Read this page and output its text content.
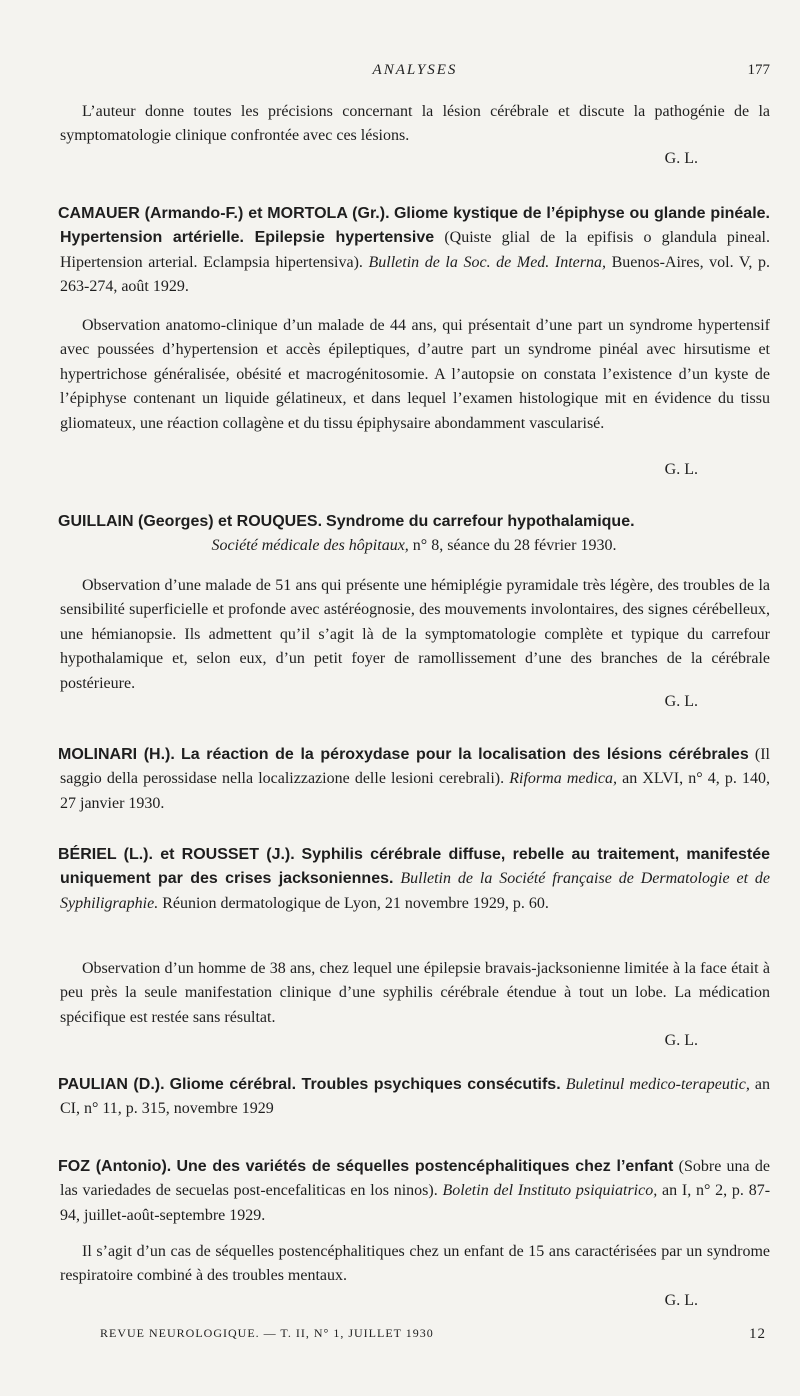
ANALYSES	177
L’auteur donne toutes les précisions concernant la lésion cérébrale et discute la pathogénie de la symptomatologie clinique confrontée avec ces lésions.
G. L.
CAMAUER (Armando-F.) et MORTOLA (Gr.). Gliome kystique de l’épiphyse ou glande pinéale. Hypertension artérielle. Epilepsie hypertensive (Quiste glial de la epifisis o glandula pineal. Hipertension arterial. Eclampsia hipertensiva). Bulletin de la Soc. de Med. Interna, Buenos-Aires, vol. V, p. 263-274, août 1929.
Observation anatomo-clinique d’un malade de 44 ans, qui présentait d’une part un syndrome hypertensif avec poussées d’hypertension et accès épileptiques, d’autre part un syndrome pinéal avec hirsutisme et hypertrichose généralisée, obésité et macrogénitosomie. A l’autopsie on constata l’existence d’un kyste de l’épiphyse contenant un liquide gélatineux, et dans lequel l’examen histologique mit en évidence du tissu gliomateux, une réaction collagène et du tissu épiphysaire abondamment vascularisé.
G. L.
GUILLAIN (Georges) et ROUQUES. Syndrome du carrefour hypothalamique.
Société médicale des hôpitaux, n° 8, séance du 28 février 1930.
Observation d’une malade de 51 ans qui présente une hémiplégie pyramidale très légère, des troubles de la sensibilité superficielle et profonde avec astéréognosie, des mouvements involontaires, des signes cérébelleux, une hémianopsie. Ils admettent qu’il s’agit là de la symptomatologie complète et typique du carrefour hypothalamique et, selon eux, d’un petit foyer de ramollissement d’une des branches de la cérébrale postérieure.
G. L.
MOLINARI (H.). La réaction de la péroxydase pour la localisation des lésions cérébrales (Il saggio della perossidase nella localizzazione delle lesioni cerebrali). Riforma medica, an XLVI, n° 4, p. 140, 27 janvier 1930.
BÉRIEL (L.). et ROUSSET (J.). Syphilis cérébrale diffuse, rebelle au traitement, manifestée uniquement par des crises jacksoniennes. Bulletin de la Société française de Dermatologie et de Syphiligraphie. Réunion dermatologique de Lyon, 21 novembre 1929, p. 60.
Observation d’un homme de 38 ans, chez lequel une épilepsie bravais-jacksonienne limitée à la face était à peu près la seule manifestation clinique d’une syphilis cérébrale étendue à tout un lobe. La médication spécifique est restée sans résultat.
G. L.
PAULIAN (D.). Gliome cérébral. Troubles psychiques consécutifs. Buletinul medico-terapeutic, an CI, n° 11, p. 315, novembre 1929
FOZ (Antonio). Une des variétés de séquelles postencéphalitiques chez l’enfant (Sobre una de las variedades de secuelas post-encefaliticas en los ninos). Boletin del Instituto psiquiatrico, an I, n° 2, p. 87-94, juillet-août-septembre 1929.
Il s’agit d’un cas de séquelles postencéphalitiques chez un enfant de 15 ans caractérisées par un syndrome respiratoire combiné à des troubles mentaux.
G. L.
REVUE NEUROLOGIQUE. — T. II, N° 1, JUILLET 1930	12
